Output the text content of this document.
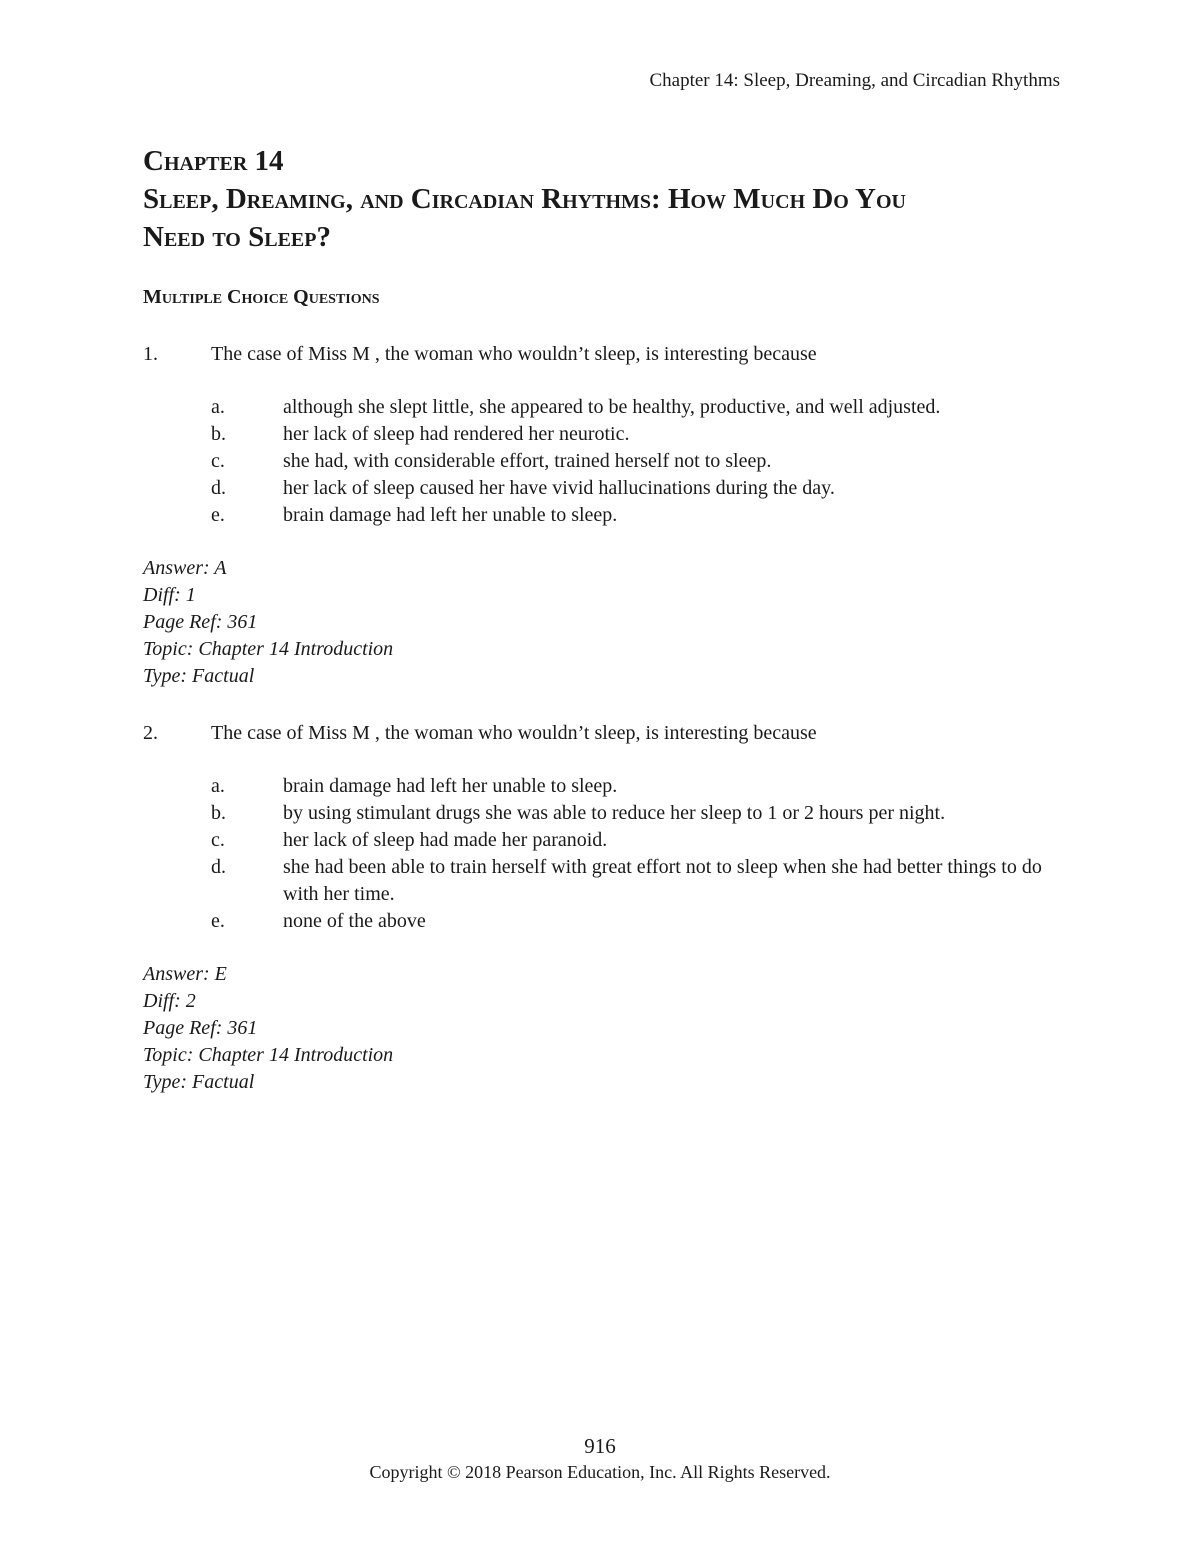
Chapter 14: Sleep, Dreaming, and Circadian Rhythms
Chapter 14
Sleep, Dreaming, and Circadian Rhythms: How Much Do You
Need to Sleep?
Multiple Choice Questions
1.	The case of Miss M , the woman who wouldn’t sleep, is interesting because
a.	although she slept little, she appeared to be healthy, productive, and well adjusted.
b.	her lack of sleep had rendered her neurotic.
c.	she had, with considerable effort, trained herself not to sleep.
d.	her lack of sleep caused her have vivid hallucinations during the day.
e.	brain damage had left her unable to sleep.
Answer: A
Diff: 1
Page Ref: 361
Topic: Chapter 14 Introduction
Type: Factual
2.	The case of Miss M , the woman who wouldn’t sleep, is interesting because
a.	brain damage had left her unable to sleep.
b.	by using stimulant drugs she was able to reduce her sleep to 1 or 2 hours per night.
c.	her lack of sleep had made her paranoid.
d.	she had been able to train herself with great effort not to sleep when she had better things to do with her time.
e.	none of the above
Answer: E
Diff: 2
Page Ref: 361
Topic: Chapter 14 Introduction
Type: Factual
916
Copyright © 2018 Pearson Education, Inc. All Rights Reserved.
